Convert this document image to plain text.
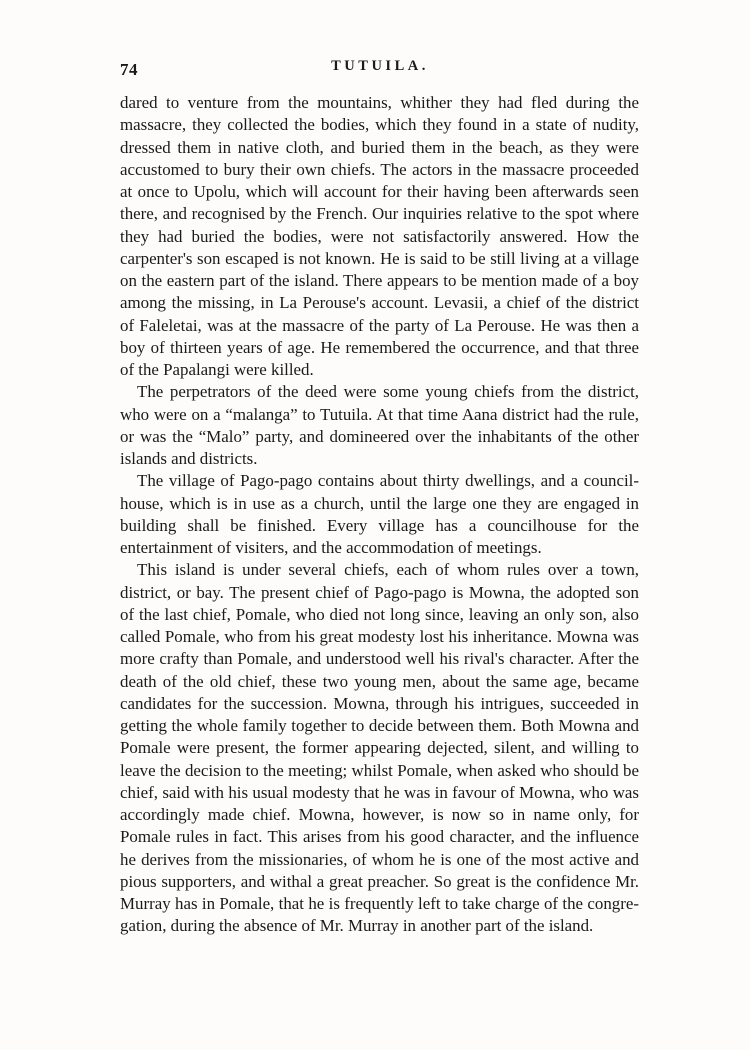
74	TUTUILA.

dared to venture from the mountains, whither they had fled during the massacre, they collected the bodies, which they found in a state of nudity, dressed them in native cloth, and buried them in the beach, as they were accustomed to bury their own chiefs. The actors in the massacre proceeded at once to Upolu, which will account for their having been afterwards seen there, and recognised by the French. Our inquiries relative to the spot where they had buried the bodies, were not satisfactorily answered. How the carpenter's son escaped is not known. He is said to be still living at a village on the eastern part of the island. There appears to be mention made of a boy among the missing, in La Perouse's account. Levasii, a chief of the district of Faleletai, was at the massacre of the party of La Perouse. He was then a boy of thirteen years of age. He remembered the occurrence, and that three of the Papalangi were killed.

The perpetrators of the deed were some young chiefs from the district, who were on a “malanga” to Tutuila. At that time Aana district had the rule, or was the “Malo” party, and domineered over the inhabitants of the other islands and districts.

The village of Pago-pago contains about thirty dwellings, and a council-house, which is in use as a church, until the large one they are engaged in building shall be finished. Every village has a councilhouse for the entertainment of visiters, and the accommodation of meetings.

This island is under several chiefs, each of whom rules over a town, district, or bay. The present chief of Pago-pago is Mowna, the adopted son of the last chief, Pomale, who died not long since, leaving an only son, also called Pomale, who from his great modesty lost his inheritance. Mowna was more crafty than Pomale, and understood well his rival's character. After the death of the old chief, these two young men, about the same age, became candidates for the succession. Mowna, through his intrigues, succeeded in getting the whole family together to decide between them. Both Mowna and Pomale were present, the former appearing dejected, silent, and willing to leave the decision to the meeting; whilst Pomale, when asked who should be chief, said with his usual modesty that he was in favour of Mowna, who was accordingly made chief. Mowna, however, is now so in name only, for Pomale rules in fact. This arises from his good character, and the influence he derives from the missionaries, of whom he is one of the most active and pious supporters, and withal a great preacher. So great is the confidence Mr. Murray has in Pomale, that he is frequently left to take charge of the congregation, during the absence of Mr. Murray in another part of the island.
